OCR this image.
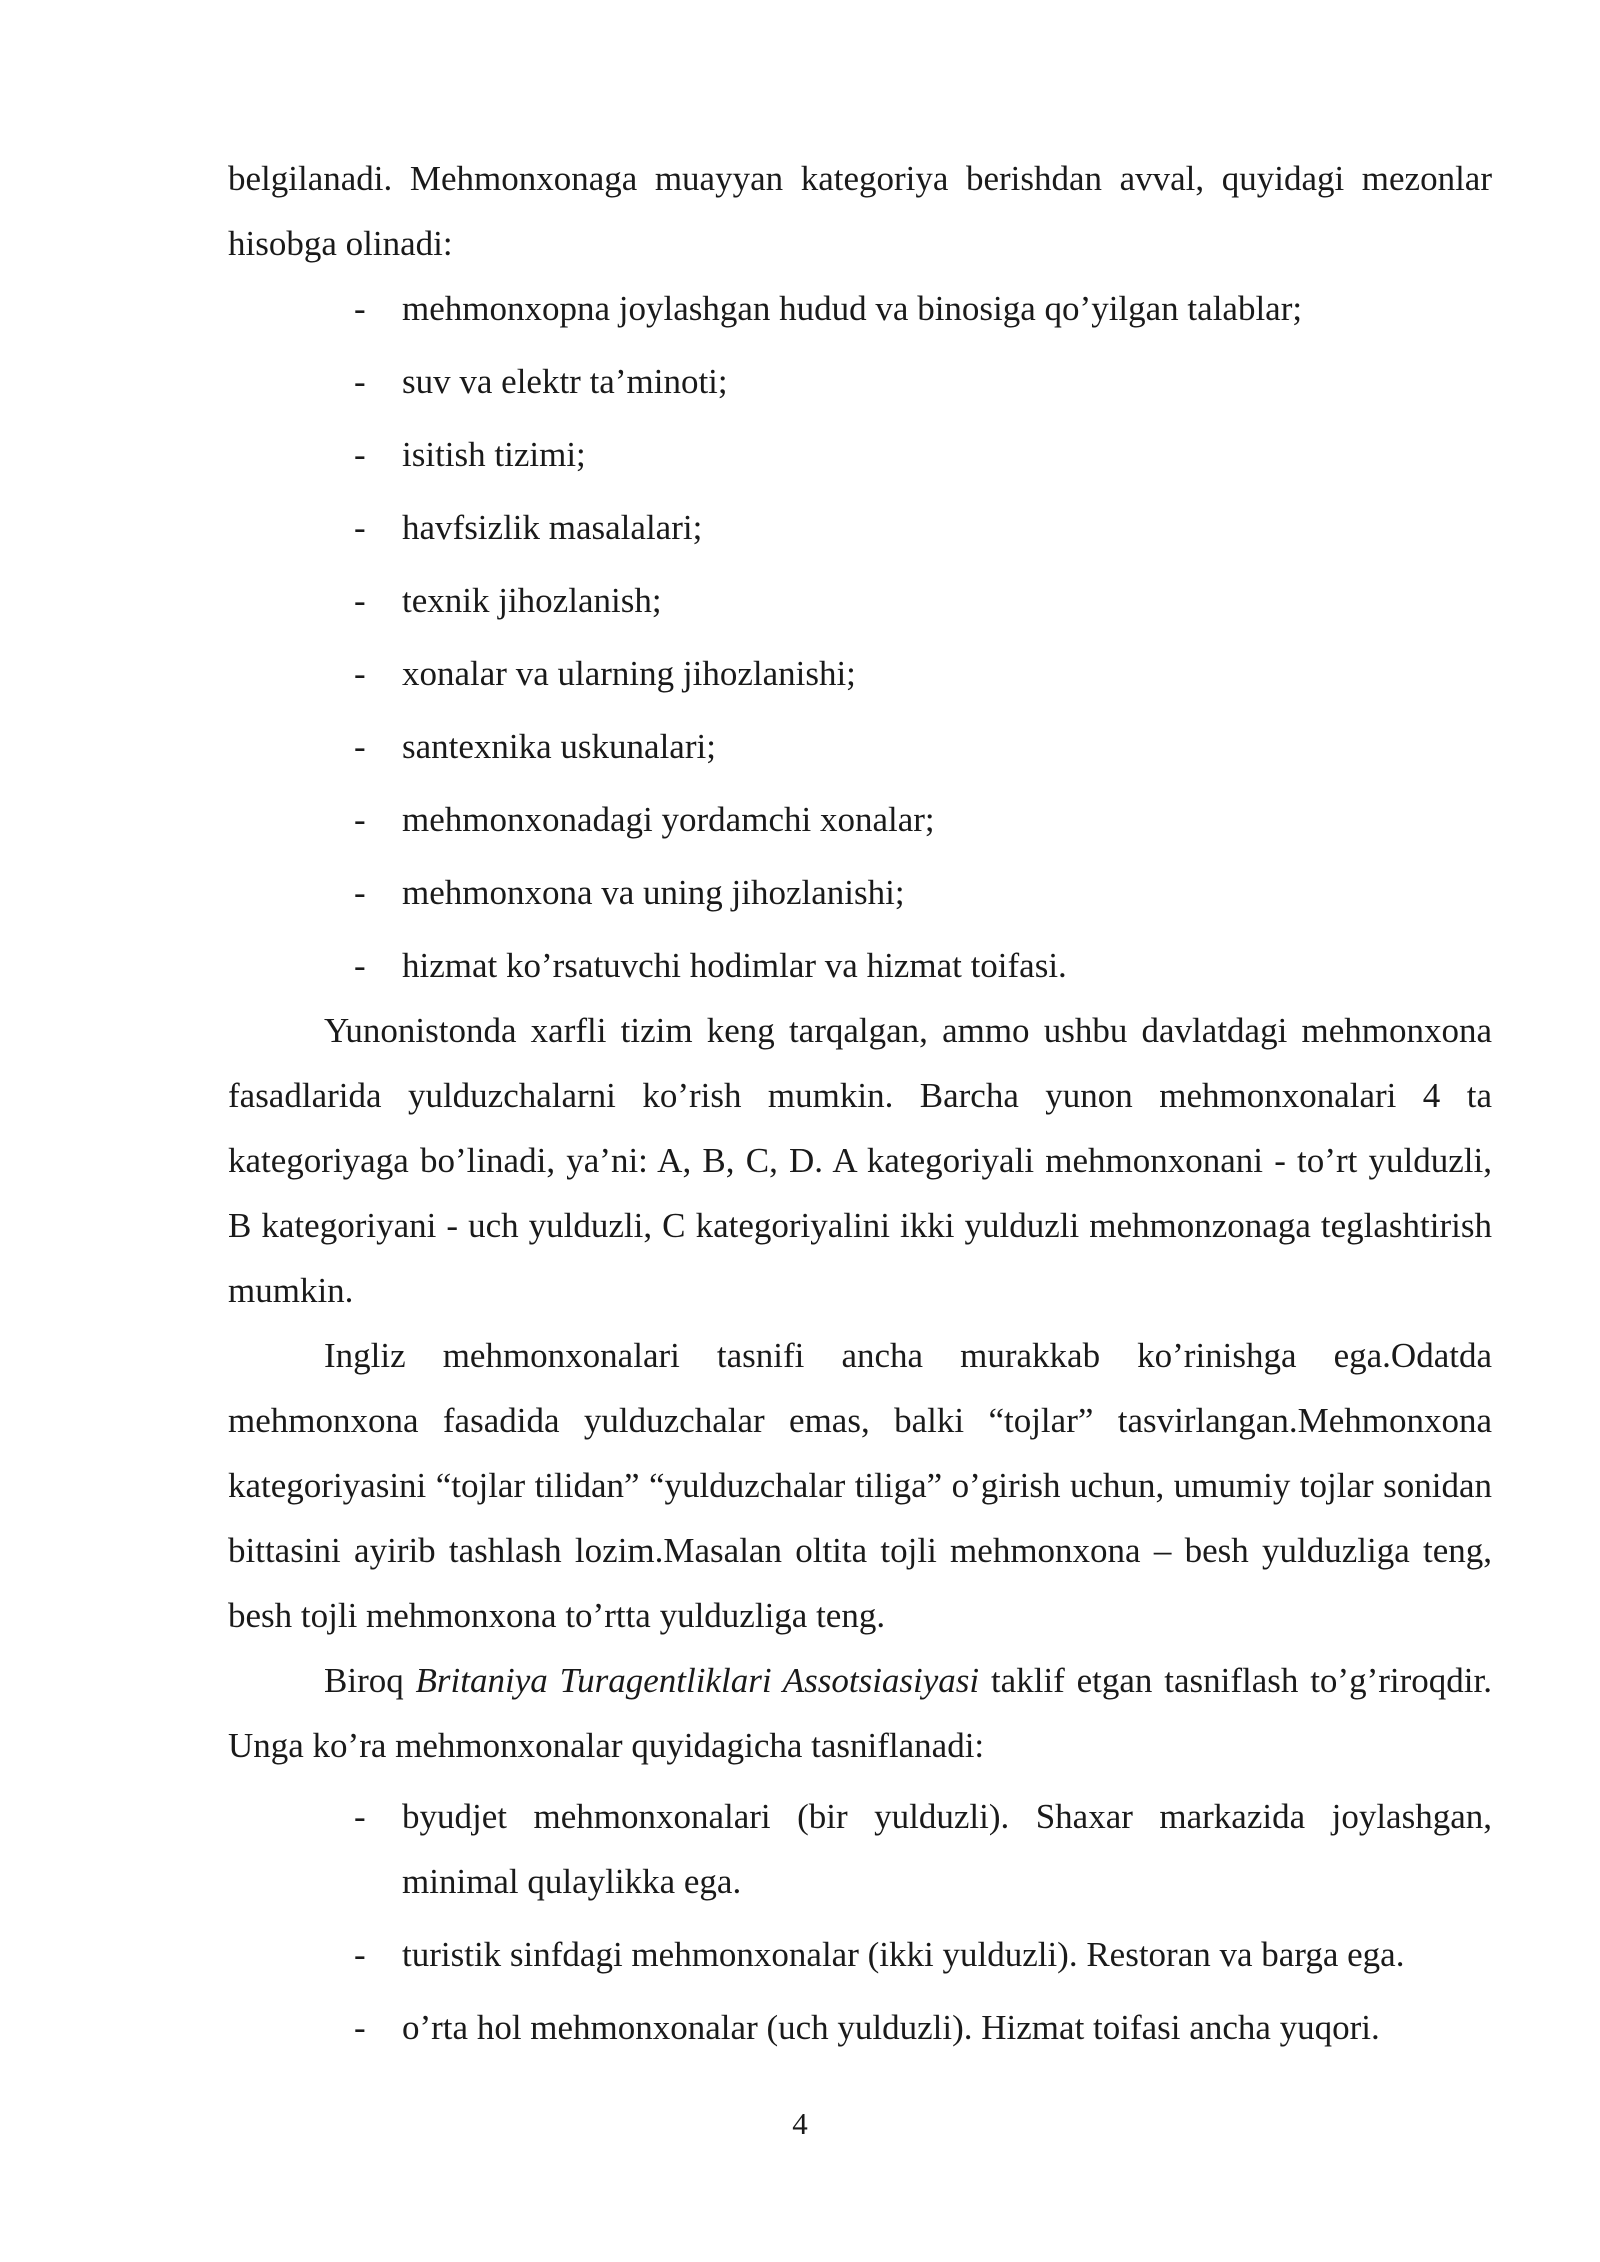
belgilanadi. Mehmonxonaga muayyan kategoriya berishdan avval, quyidagi mezonlar hisobga olinadi:

- mehmonxopna joylashgan hudud va binosiga qo’yilgan talablar;
- suv va elektr ta’minoti;
- isitish tizimi;
- havfsizlik masalalari;
- texnik jihozlanish;
- xonalar va ularning jihozlanishi;
- santexnika uskunalari;
- mehmonxonadagi yordamchi xonalar;
- mehmonxona va uning jihozlanishi;
- hizmat ko’rsatuvchi hodimlar va hizmat toifasi.

Yunonistonda xarfli tizim keng tarqalgan, ammo ushbu davlatdagi mehmonxona fasadlarida yulduzchalarni ko’rish mumkin. Barcha yunon mehmonxonalari 4 ta kategoriyaga bo’linadi, ya’ni: A, B, C, D. A kategoriyali mehmonxonani - to’rt yulduzli, B kategoriyani - uch yulduzli, C kategoriyalini ikki yulduzli mehmonzonaga teglashtirish mumkin.

Ingliz mehmonxonalari tasnifi ancha murakkab ko’rinishga ega.Odatda mehmonxona fasadida yulduzchalar emas, balki “tojlar” tasvirlangan.Mehmonxona kategoriyasini “tojlar tilidan” “yulduzchalar tiliga” o’girish uchun, umumiy tojlar sonidan bittasini ayirib tashlash lozim.Masalan oltita tojli mehmonxona – besh yulduzliga teng, besh tojli mehmonxona to’rtta yulduzliga teng.

Biroq Britaniya Turagentliklari Assotsiasiyasi taklif etgan tasniflash to’g’riroqdir. Unga ko’ra mehmonxonalar quyidagicha tasniflanadi:

- byudjet mehmonxonalari (bir yulduzli). Shaxar markazida joylashgan, minimal qulaylikka ega.
- turistik sinfdagi mehmonxonalar (ikki yulduzli). Restoran va barga ega.
- o’rta hol mehmonxonalar (uch yulduzli). Hizmat toifasi ancha yuqori.
4
